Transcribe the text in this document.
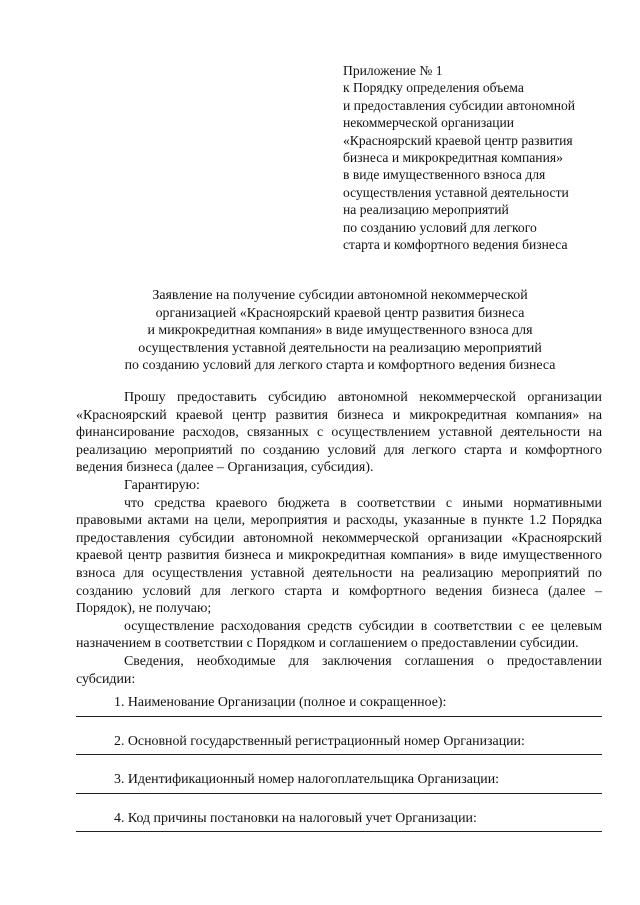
Приложение № 1
к Порядку определения объема
и предоставления субсидии автономной
некоммерческой организации
«Красноярский краевой центр развития
бизнеса и микрокредитная компания»
в виде имущественного взноса для
осуществления уставной деятельности
на реализацию мероприятий
по созданию условий для легкого
старта и комфортного ведения бизнеса
Заявление на получение субсидии автономной некоммерческой
организацией «Красноярский краевой центр развития бизнеса
и микрокредитная компания» в виде имущественного взноса для
осуществления уставной деятельности на реализацию мероприятий
по созданию условий для легкого старта и комфортного ведения бизнеса

Прошу предоставить субсидию автономной некоммерческой организации «Красноярский краевой центр развития бизнеса и микрокредитная компания» на финансирование расходов, связанных с осуществлением уставной деятельности на реализацию мероприятий по созданию условий для легкого старта и комфортного ведения бизнеса (далее – Организация, субсидия).

Гарантирую:

что средства краевого бюджета в соответствии с иными нормативными правовыми актами на цели, мероприятия и расходы, указанные в пункте 1.2 Порядка предоставления субсидии автономной некоммерческой организации «Красноярский краевой центр развития бизнеса и микрокредитная компания» в виде имущественного взноса для осуществления уставной деятельности на реализацию мероприятий по созданию условий для легкого старта и комфортного ведения бизнеса (далее – Порядок), не получаю;

осуществление расходования средств субсидии в соответствии с ее целевым назначением в соответствии с Порядком и соглашением о предоставлении субсидии.

Сведения, необходимые для заключения соглашения о предоставлении субсидии:

1. Наименование Организации (полное и сокращенное):
2. Основной государственный регистрационный номер Организации:
3. Идентификационный номер налогоплательщика Организации:
4. Код причины постановки на налоговый учет Организации:
